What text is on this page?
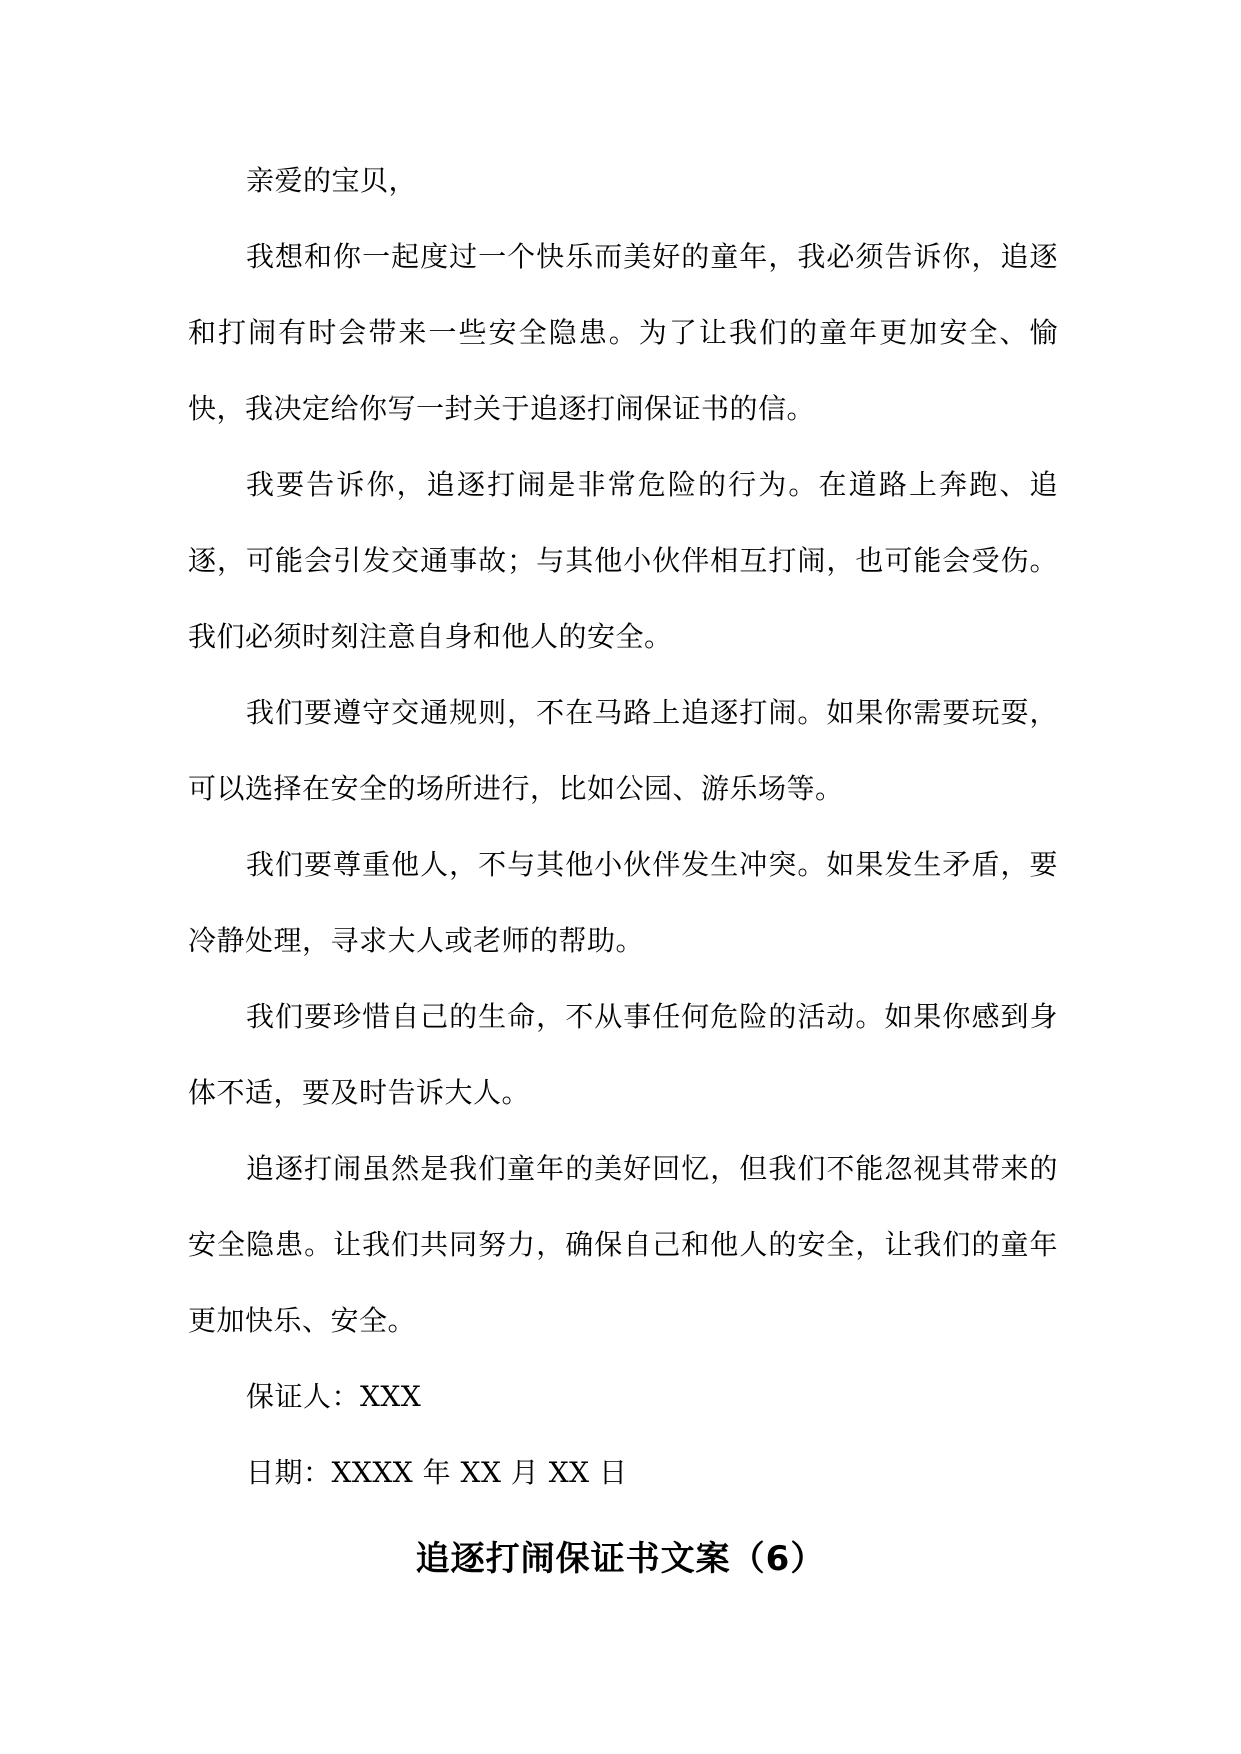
亲爱的宝贝，

我想和你一起度过一个快乐而美好的童年，我必须告诉你，追逐和打闹有时会带来一些安全隐患。为了让我们的童年更加安全、愉快，我决定给你写一封关于追逐打闹保证书的信。

我要告诉你，追逐打闹是非常危险的行为。在道路上奔跑、追逐，可能会引发交通事故；与其他小伙伴相互打闹，也可能会受伤。我们必须时刻注意自身和他人的安全。

我们要遵守交通规则，不在马路上追逐打闹。如果你需要玩耍，可以选择在安全的场所进行，比如公园、游乐场等。

我们要尊重他人，不与其他小伙伴发生冲突。如果发生矛盾，要冷静处理，寻求大人或老师的帮助。

我们要珍惜自己的生命，不从事任何危险的活动。如果你感到身体不适，要及时告诉大人。

追逐打闹虽然是我们童年的美好回忆，但我们不能忽视其带来的安全隐患。让我们共同努力，确保自己和他人的安全，让我们的童年更加快乐、安全。

保证人：XXX

日期：XXXX 年 XX 月 XX 日

追逐打闹保证书文案（6）
